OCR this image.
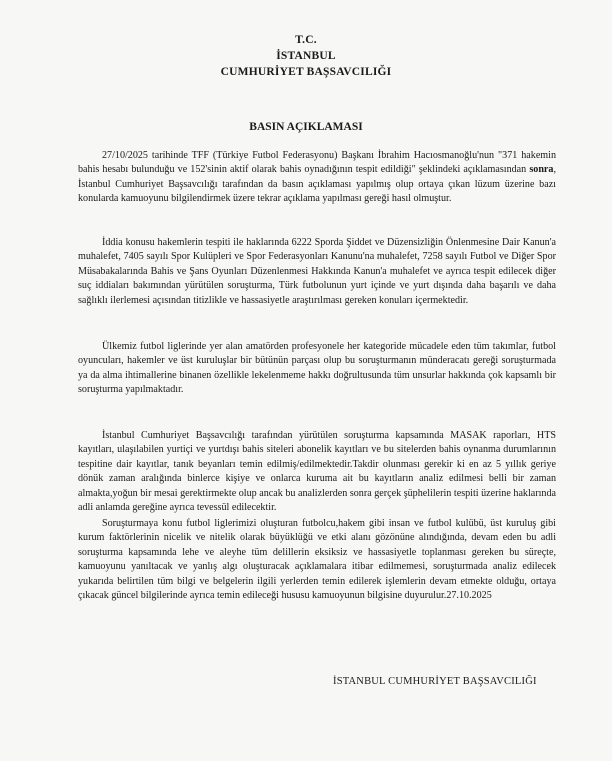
T.C.
İSTANBUL
CUMHURİYET BAŞSAVCILIĞI
BASIN AÇIKLAMASI

27/10/2025 tarihinde TFF (Türkiye Futbol Federasyonu) Başkanı İbrahim Hacıosmanoğlu'nun "371 hakemin bahis hesabı bulunduğu ve 152'sinin aktif olarak bahis oynadığının tespit edildiği" şeklindeki açıklamasından sonra, İstanbul Cumhuriyet Başsavcılığı tarafından da basın açıklaması yapılmış olup ortaya çıkan lüzum üzerine bazı konularda kamuoyunu bilgilendirmek üzere tekrar açıklama yapılması gereği hasıl olmuştur.

İddia konusu hakemlerin tespiti ile haklarında 6222 Sporda Şiddet ve Düzensizliğin Önlenmesine Dair Kanun'a muhalefet, 7405 sayılı Spor Kulüpleri ve Spor Federasyonları Kanunu'na muhalefet, 7258 sayılı Futbol ve Diğer Spor Müsabakalarında Bahis ve Şans Oyunları Düzenlenmesi Hakkında Kanun'a muhalefet ve ayrıca tespit edilecek diğer suç iddiaları bakımından yürütülen soruşturma, Türk futbolunun yurt içinde ve yurt dışında daha başarılı ve daha sağlıklı ilerlemesi açısından titizlikle ve hassasiyetle araştırılması gereken konuları içermektedir.

Ülkemiz futbol liglerinde yer alan amatörden profesyonele her kategoride mücadele eden tüm takımlar, futbol oyuncuları, hakemler ve üst kuruluşlar bir bütünün parçası olup bu soruşturmanın münderacatı gereği soruşturmada ya da alma ihtimallerine binanen özellikle lekelenmeme hakkı doğrultusunda tüm unsurlar hakkında çok kapsamlı bir soruşturma yapılmaktadır.

İstanbul Cumhuriyet Başsavcılığı tarafından yürütülen soruşturma kapsamında MASAK raporları, HTS kayıtları, ulaşılabilen yurtiçi ve yurtdışı bahis siteleri abonelik kayıtları ve bu sitelerden bahis oynanma durumlarının tespitine dair kayıtlar, tanık beyanları temin edilmiş/edilmektedir.Takdir olunması gerekir ki en az 5 yıllık geriye dönük zaman aralığında binlerce kişiye ve onlarca kuruma ait bu kayıtların analiz edilmesi belli bir zaman almakta,yoğun bir mesai gerektirmekte olup ancak bu analizlerden sonra gerçek şüphelilerin tespiti üzerine haklarında adli anlamda gereğine ayrıca tevessül edilecektir.

Soruşturmaya konu futbol liglerimizi oluşturan futbolcu,hakem gibi insan ve futbol kulübü, üst kuruluş gibi kurum faktörlerinin nicelik ve nitelik olarak büyüklüğü ve etki alanı gözönüne alındığında, devam eden bu adli soruşturma kapsamında lehe ve aleyhe tüm delillerin eksiksiz ve hassasiyetle toplanması gereken bu süreçte, kamuoyunu yanıltacak ve yanlış algı oluşturacak açıklamalara itibar edilmemesi, soruşturmada analiz edilecek yukarıda belirtilen tüm bilgi ve belgelerin ilgili yerlerden temin edilerek işlemlerin devam etmekte olduğu, ortaya çıkacak güncel bilgilerinde ayrıca temin edileceği hususu kamuoyunun bilgisine duyurulur.27.10.2025

İSTANBUL CUMHURİYET BAŞSAVCILIĞI
